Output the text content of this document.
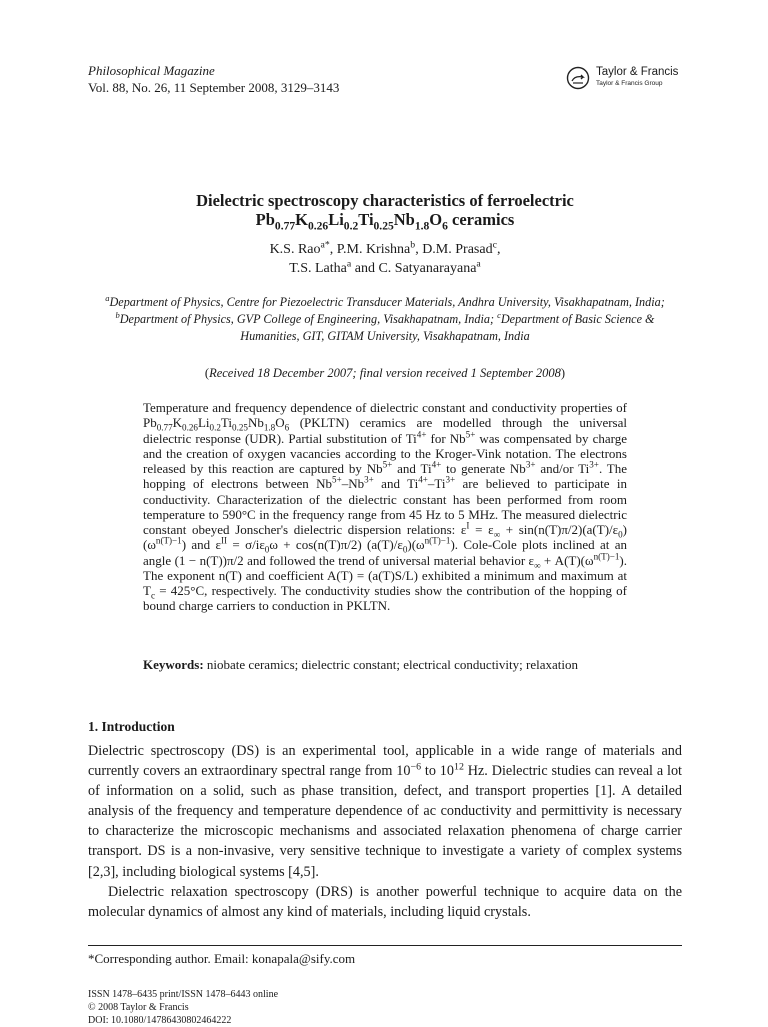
Philosophical Magazine
Vol. 88, No. 26, 11 September 2008, 3129–3143
Taylor & Francis
Taylor & Francis Group
Dielectric spectroscopy characteristics of ferroelectric
$Pb_{0.77}K_{0.26}Li_{0.2}Ti_{0.25}Nb_{1.8}O_6$ ceramics
K.S. Rao$^{a*}$, P.M. Krishna$^b$, D.M. Prasad$^c$,
T.S. Latha$^a$ and C. Satyanarayana$^a$
$^a$Department of Physics, Centre for Piezoelectric Transducer Materials, Andhra University, Visakhapatnam, India; $^b$Department of Physics, GVP College of Engineering, Visakhapatnam, India; $^c$Department of Basic Science & Humanities, GIT, GITAM University, Visakhapatnam, India
(Received 18 December 2007; final version received 1 September 2008)
Temperature and frequency dependence of dielectric constant and conductivity properties of $Pb_{0.77}K_{0.26}Li_{0.2}Ti_{0.25}Nb_{1.8}O_6$ (PKLTN) ceramics are modelled through the universal dielectric response (UDR). Partial substitution of $Ti^{4+}$ for $Nb^{5+}$ was compensated by charge and the creation of oxygen vacancies according to the Kroger-Vink notation. The electrons released by this reaction are captured by $Nb^{5+}$ and $Ti^{4+}$ to generate $Nb^{3+}$ and/or $Ti^{3+}$. The hopping of electrons between $Nb^{5+}-Nb^{3+}$ and $Ti^{4+}-Ti^{3+}$ are believed to participate in conductivity. Characterization of the dielectric constant has been performed from room temperature to 590°C in the frequency range from 45 Hz to 5 MHz. The measured dielectric constant obeyed Jonscher's dielectric dispersion relations: $\varepsilon^I = \varepsilon_\infty + \sin(n(T)\pi/2)(a(T)/\varepsilon_0)(\omega^{n(T)-1})$ and $\varepsilon^{II} = \sigma/i\varepsilon_0\omega + \cos(n(T)\pi/2)$ $(a(T)/\varepsilon_0)(\omega^{n(T)-1})$. Cole-Cole plots inclined at an angle (1 − n(T))π/2 and followed the trend of universal material behavior $\varepsilon_\infty + A(T)(\omega^{n(T)-1})$. The exponent n(T) and coefficient A(T) = (a(T)S/L) exhibited a minimum and maximum at $T_c = 425^\circ C$, respectively. The conductivity studies show the contribution of the hopping of bound charge carriers to conduction in PKLTN.
Keywords: niobate ceramics; dielectric constant; electrical conductivity; relaxation
1. Introduction

Dielectric spectroscopy (DS) is an experimental tool, applicable in a wide range of materials and currently covers an extraordinary spectral range from $10^{-6}$ to $10^{12}$ Hz. Dielectric studies can reveal a lot of information on a solid, such as phase transition, defect, and transport properties [1]. A detailed analysis of the frequency and temperature dependence of ac conductivity and permittivity is necessary to characterize the microscopic mechanisms and associated relaxation phenomena of charge carrier transport. DS is a non-invasive, very sensitive technique to investigate a variety of complex systems [2,3], including biological systems [4,5].

Dielectric relaxation spectroscopy (DRS) is another powerful technique to acquire data on the molecular dynamics of almost any kind of materials, including liquid crystals.

*Corresponding author. Email: konapala@sify.com
ISSN 1478–6435 print/ISSN 1478–6443 online
© 2008 Taylor & Francis
DOI: 10.1080/14786430802464222
